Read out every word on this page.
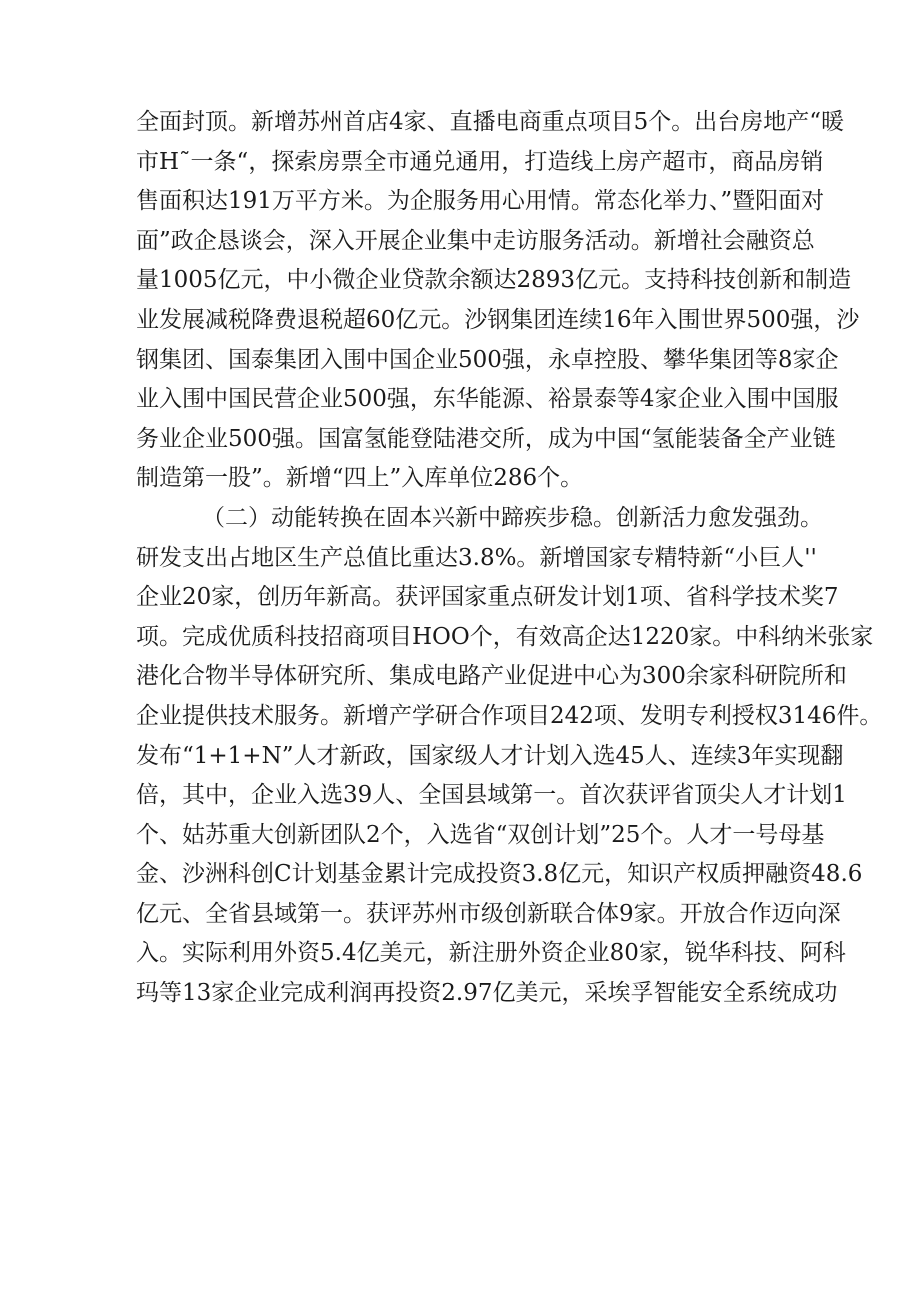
全面封顶。新增苏州首店4家、直播电商重点项目5个。出台房地产“暖
市H˜一条“，探索房票全市通兑通用，打造线上房产超市，商品房销
售面积达191万平方米。为企服务用心用情。常态化举力、”暨阳面对
面”政企恳谈会，深入开展企业集中走访服务活动。新增社会融资总
量1005亿元，中小微企业贷款余额达2893亿元。支持科技创新和制造
业发展减税降费退税超60亿元。沙钢集团连续16年入围世界500强，沙
钢集团、国泰集团入围中国企业500强，永卓控股、攀华集团等8家企
业入围中国民营企业500强，东华能源、裕景泰等4家企业入围中国服
务业企业500强。国富氢能登陆港交所，成为中国“氢能装备全产业链
制造第一股”。新增“四上”入库单位286个。
（二）动能转换在固本兴新中蹄疾步稳。创新活力愈发强劲。
研发支出占地区生产总值比重达3.8%。新增国家专精特新“小巨人''
企业20家，创历年新高。获评国家重点研发计划1项、省科学技术奖7
项。完成优质科技招商项目HOO个，有效高企达1220家。中科纳米张家
港化合物半导体研究所、集成电路产业促进中心为300余家科研院所和
企业提供技术服务。新增产学研合作项目242项、发明专利授权3146件。
发布“1+1+N”人才新政，国家级人才计划入选45人、连续3年实现翻
倍，其中，企业入选39人、全国县域第一。首次获评省顶尖人才计划1
个、姑苏重大创新团队2个，入选省“双创计划”25个。人才一号母基
金、沙洲科创C计划基金累计完成投资3.8亿元，知识产权质押融资48.6
亿元、全省县域第一。获评苏州市级创新联合体9家。开放合作迈向深
入。实际利用外资5.4亿美元，新注册外资企业80家，锐华科技、阿科
玛等13家企业完成利润再投资2.97亿美元，采埃孚智能安全系统成功
